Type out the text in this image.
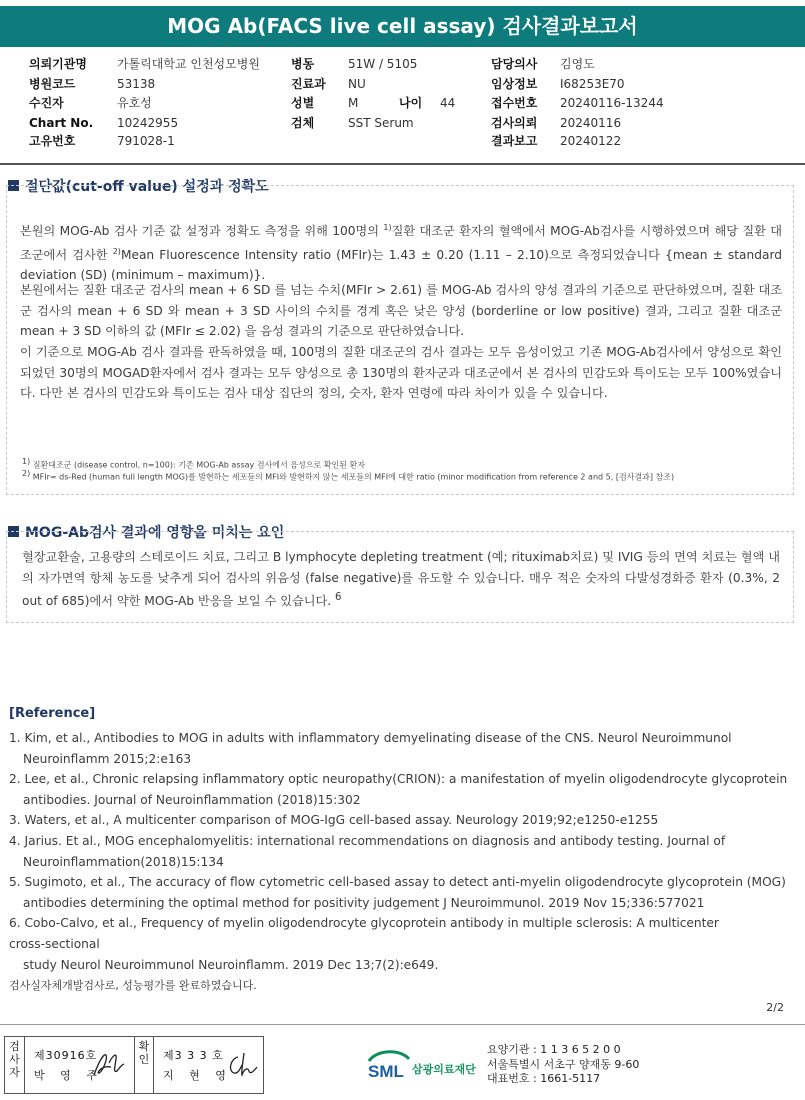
MOG Ab(FACS live cell assay) 검사결과보고서
의뢰기관명	가톨릭대학교 인천성모병원	병동	51W / 5105	담당의사 김영도
병원코드	53138	진료과 NU	임상정보 I68253E70
수진자	유호성	성별	M	나이 44	접수번호 20240116-13244
Chart No. 10242955	검체	SST Serum	검사의뢰 20240116
고유번호	791028-1	결과보고 20240122
절단값(cut-off value) 설정과 정확도
본원의 MOG-Ab 검사 기준 값 설정과 정확도 측정을 위해 100명의 $^{1)}$질환 대조군 환자의 혈액에서 MOG-Ab검사를 시행하였으며 해당 질환 대조군에서 검사한 $^{2)}$Mean Fluorescence Intensity ratio (MFIr)는 1.43 ± 0.20 (1.11 – 2.10)으로 측정되었습니다 {mean ± standard deviation (SD) (minimum – maximum)}.
본원에서는 질환 대조군 검사의 mean + 6 SD 를 넘는 수치(MFIr > 2.61) 를 MOG-Ab 검사의 양성 결과의 기준으로 판단하였으며, 질환 대조군 검사의 mean + 6 SD 와 mean + 3 SD 사이의 수치를 경계 혹은 낮은 양성 (borderline or low positive) 결과, 그리고 질환 대조군 mean + 3 SD 이하의 값 (MFIr ≤ 2.02) 을 음성 결과의 기준으로 판단하였습니다.
이 기준으로 MOG-Ab 검사 결과를 판독하였을 때, 100명의 질환 대조군의 검사 결과는 모두 음성이었고 기존 MOG-Ab검사에서 양성으로 확인되었던 30명의 MOGAD환자에서 검사 결과는 모두 양성으로 총 130명의 환자군과 대조군에서 본 검사의 민감도와 특이도는 모두 100%였습니다. 다만 본 검사의 민감도와 특이도는 검사 대상 집단의 정의, 숫자, 환자 연령에 따라 차이가 있을 수 있습니다.
$^{1)}$ 질환대조군 (disease control, n=100): 기존 MOG-Ab assay 검사에서 음성으로 확인된 환자
$^{2)}$ MFIr= ds-Red (human full length MOG)를 발현하는 세포들의 MFI와 발현하지 않는 세포들의 MFI에 대한 ratio (minor modification from reference 2 and 5, [검사결과] 참조)
MOG-Ab검사 결과에 영향을 미치는 요인
혈장교환술, 고용량의 스테로이드 치료, 그리고 B lymphocyte depleting treatment (예; rituximab치료) 및 IVIG 등의 면역 치료는 혈액 내의 자가면역 항체 농도를 낮추게 되어 검사의 위음성 (false negative)를 유도할 수 있습니다. 매우 적은 숫자의 다발성경화증 환자 (0.3%, 2 out of 685)에서 약한 MOG-Ab 반응을 보일 수 있습니다. $^6$
[Reference]
1. Kim, et al., Antibodies to MOG in adults with inflammatory demyelinating disease of the CNS. Neurol Neuroimmunol
Neuroinflamm 2015;2:e163
2. Lee, et al., Chronic relapsing inflammatory optic neuropathy(CRION): a manifestation of myelin oligodendrocyte glycoprotein
antibodies. Journal of Neuroinflammation (2018)15:302
3. Waters, et al., A multicenter comparison of MOG-IgG cell-based assay. Neurology 2019;92;e1250-e1255
4. Jarius. Et al., MOG encephalomyelitis: international recommendations on diagnosis and antibody testing. Journal of
Neuroinflammation(2018)15:134
5. Sugimoto, et al., The accuracy of flow cytometric cell-based assay to detect anti-myelin oligodendrocyte glycoprotein (MOG)
antibodies determining the optimal method for positivity judgement J Neuroimmunol. 2019 Nov 15;336:577021
6. Cobo-Calvo, et al., Frequency of myelin oligodendrocyte glycoprotein antibody in multiple sclerosis: A multicenter
cross-sectional
study Neurol Neuroimmunol Neuroinflamm. 2019 Dec 13;7(2):e649.
검사실자체개발검사로, 성능평가를 완료하였습니다.
2/2
검사자
제30916호
박 영 주
확인	제3 3 3 호
지 현 영	SML 삼광의료재단
요양기관 : 1 1 3 6 5 2 0 0
서울특별시 서초구 양재동 9-60
대표번호 : 1661-5117
